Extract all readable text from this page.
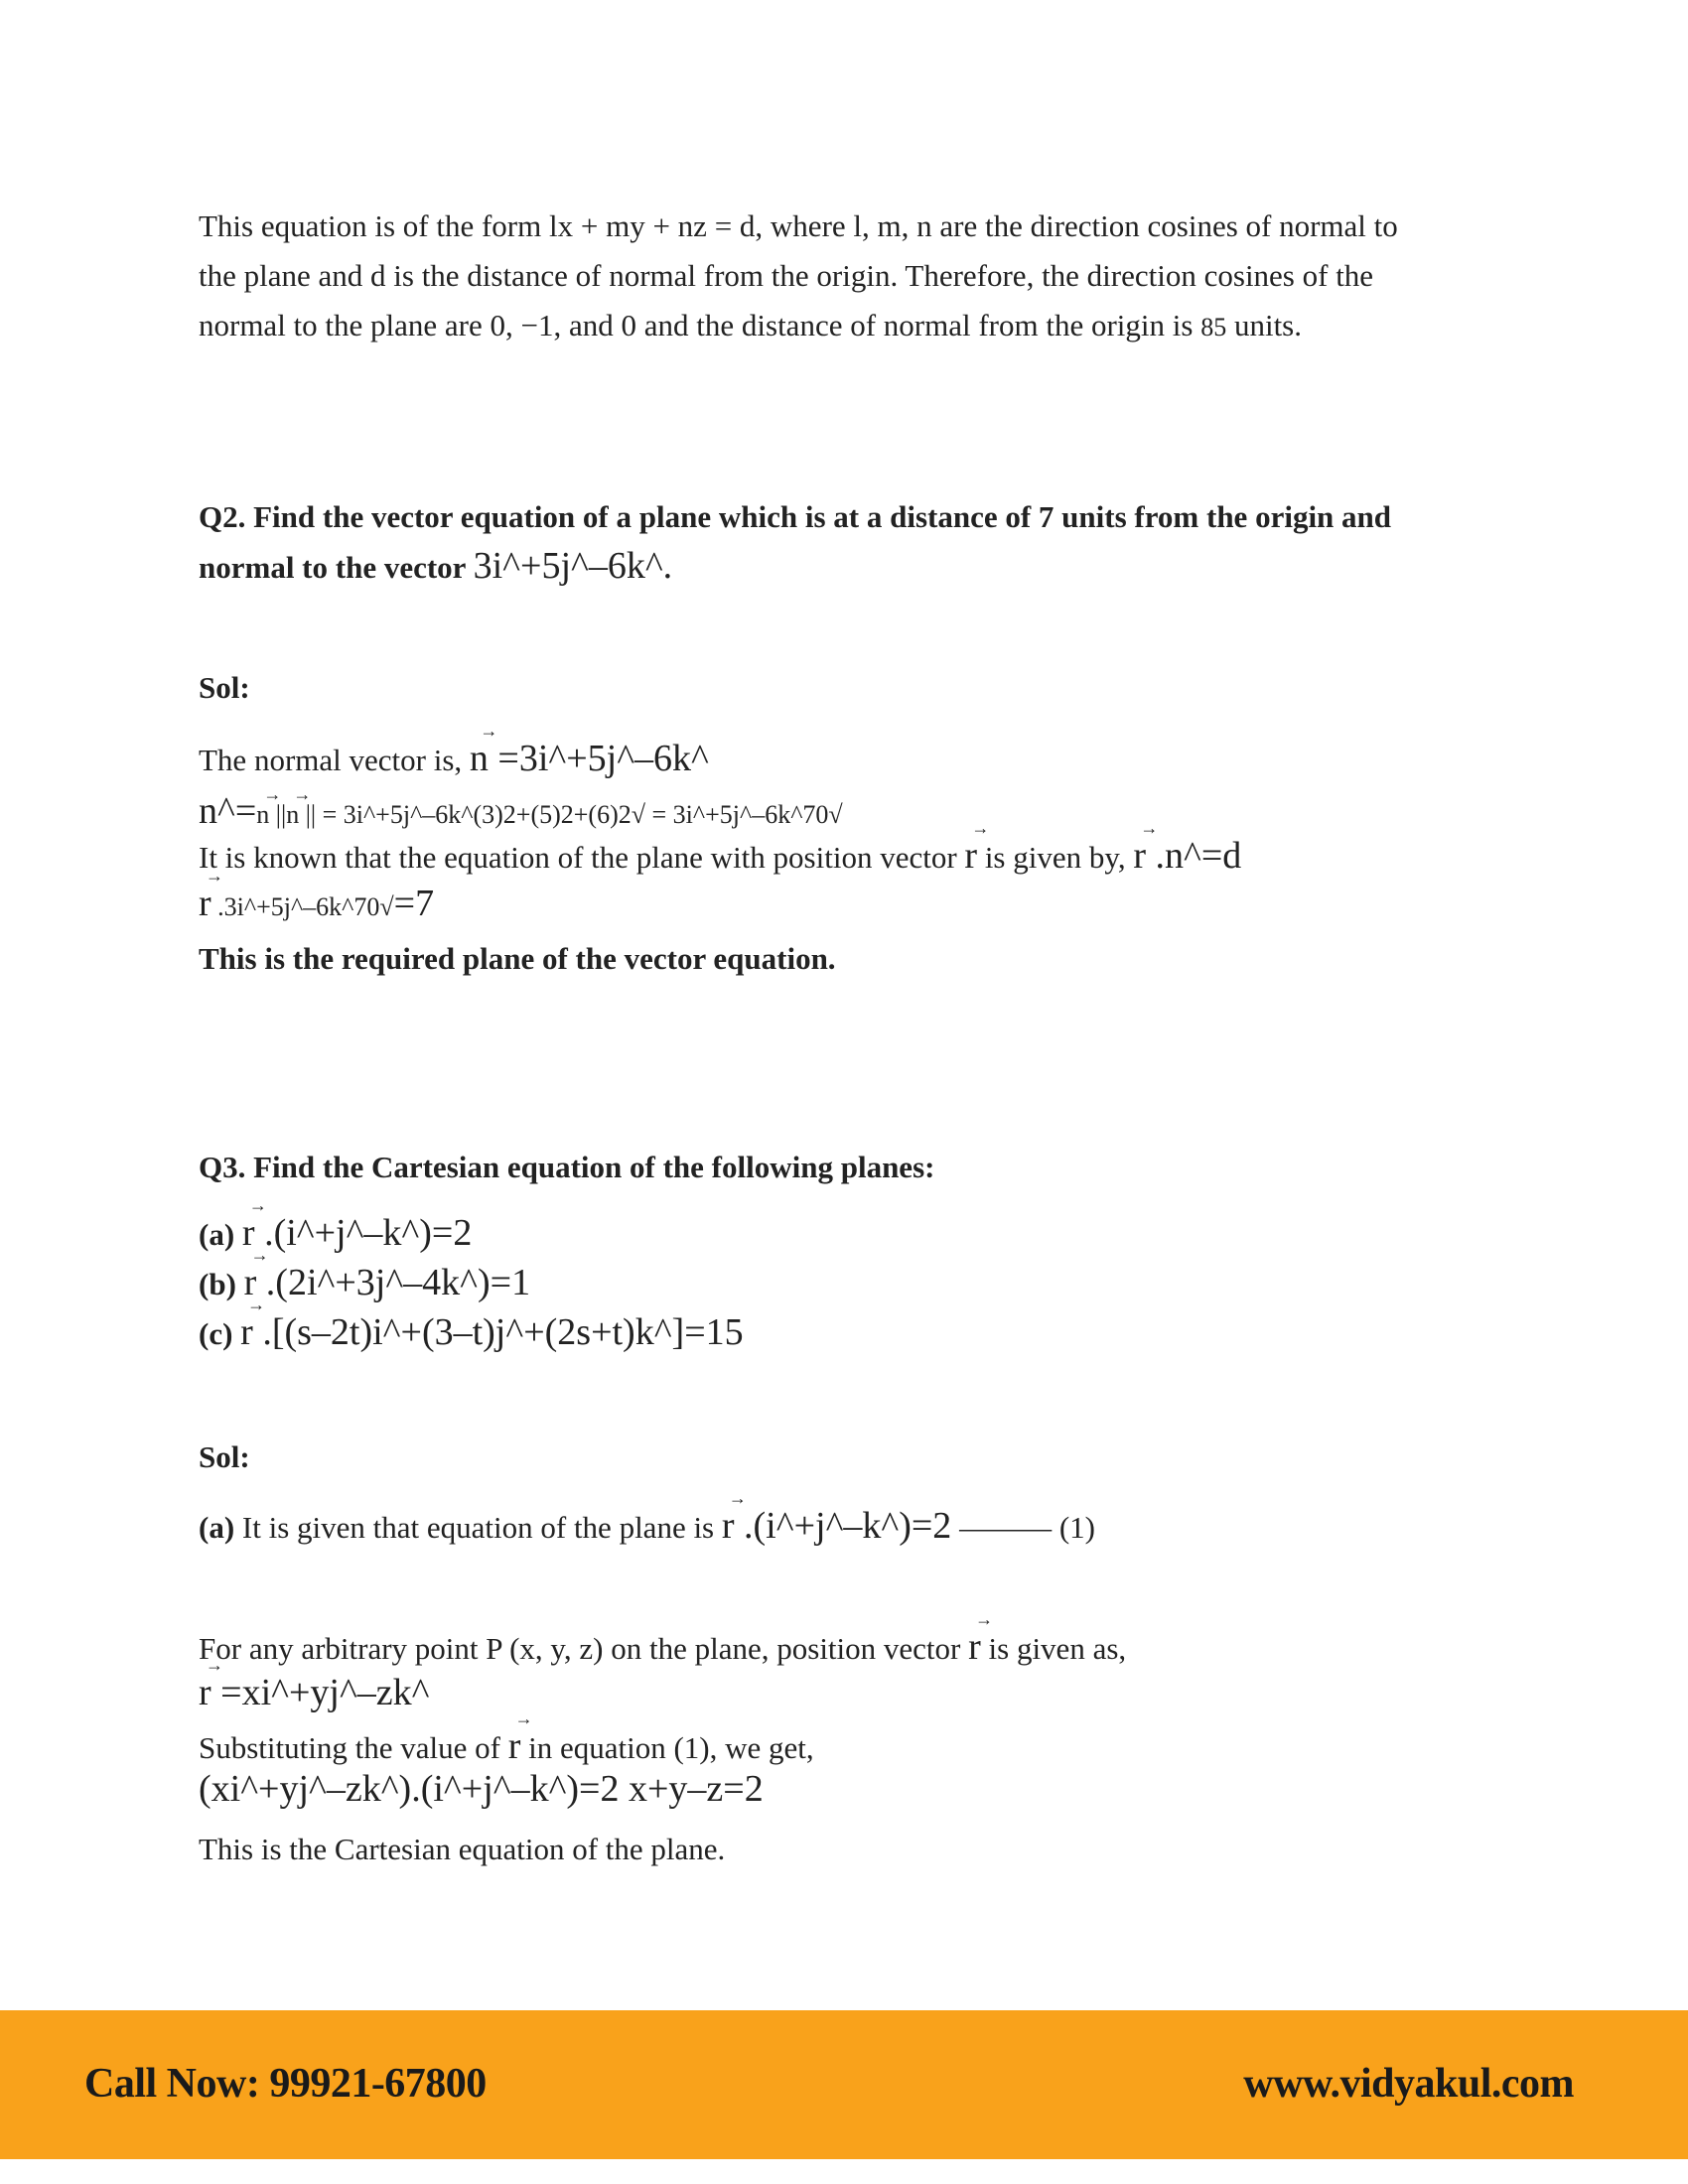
This equation is of the form lx + my + nz = d, where l, m, n are the direction cosines of normal to
the plane and d is the distance of normal from the origin. Therefore, the direction cosines of the
normal to the plane are 0, −1, and 0 and the distance of normal from the origin is 85 units.
Q2. Find the vector equation of a plane which is at a distance of 7 units from the origin and
normal to the vector 3i^+5j^–6k^.
Sol:
The normal vector is, n → =3i^+5j^–6k^
n^=n → ||n → || = 3i^+5j^–6k^(3)2+(5)2+(6)2√ = 3i^+5j^–6k^70√
It is known that the equation of the plane with position vector r → is given by, r → .n^=d
r → .3i^+5j^–6k^70√=7
This is the required plane of the vector equation.
Q3. Find the Cartesian equation of the following planes:
(a) r → .(i^+j^–k^)=2
(b) r → .(2i^+3j^–4k^)=1
(c) r → .[(s–2t)i^+(3–t)j^+(2s+t)k^]=15
Sol:
(a) It is given that equation of the plane is r → .(i^+j^–k^)=2 ——— (1)
For any arbitrary point P (x, y, z) on the plane, position vector r → is given as,
r → =xi^+yj^–zk^
Substituting the value of r → in equation (1), we get,
(xi^+yj^–zk^).(i^+j^–k^)=2 x+y–z=2
This is the Cartesian equation of the plane.
Call Now: 99921-67800	www.vidyakul.com
